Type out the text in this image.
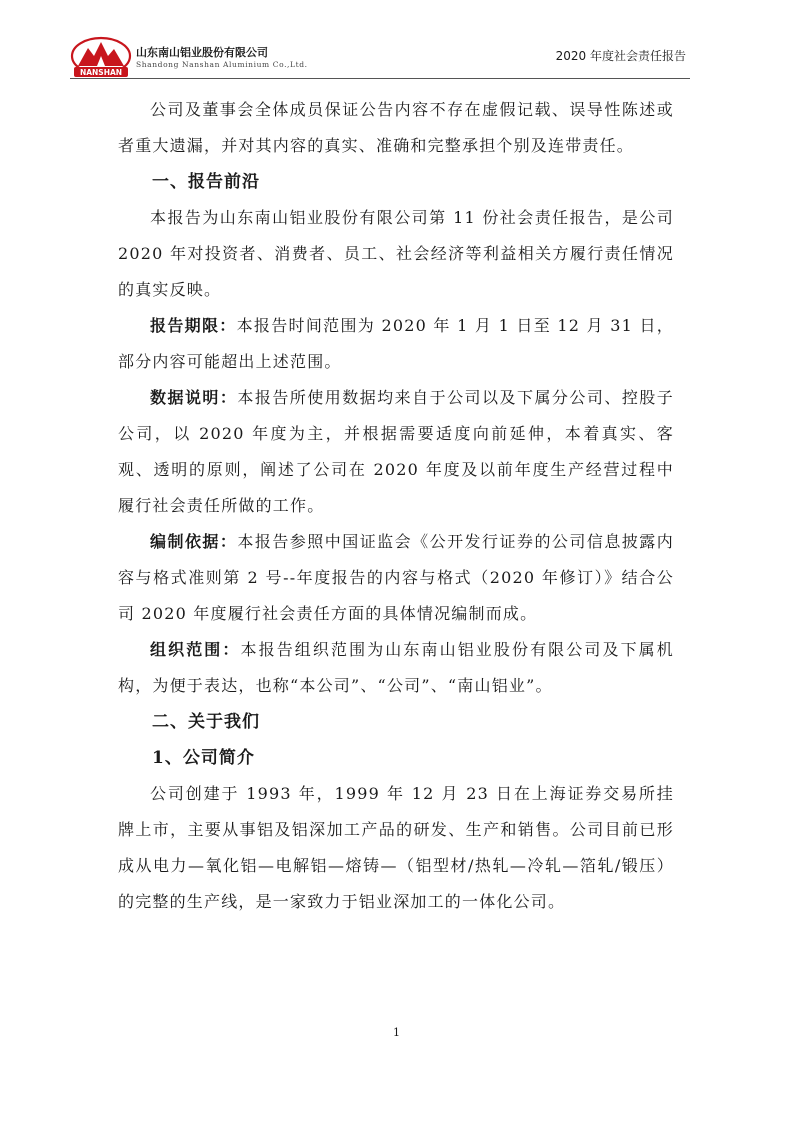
NANSHAN
山东南山铝业股份有限公司
Shandong Nanshan Aluminium Co.,Ltd.
2020 年度社会责任报告

公司及董事会全体成员保证公告内容不存在虚假记载、误导性陈述或者重大遗漏，并对其内容的真实、准确和完整承担个别及连带责任。

一、报告前沿

本报告为山东南山铝业股份有限公司第 11 份社会责任报告，是公司 2020 年对投资者、消费者、员工、社会经济等利益相关方履行责任情况的真实反映。

报告期限：本报告时间范围为 2020 年 1 月 1 日至 12 月 31 日，部分内容可能超出上述范围。

数据说明：本报告所使用数据均来自于公司以及下属分公司、控股子公司，以 2020 年度为主，并根据需要适度向前延伸，本着真实、客观、透明的原则，阐述了公司在 2020 年度及以前年度生产经营过程中履行社会责任所做的工作。

编制依据：本报告参照中国证监会《公开发行证券的公司信息披露内容与格式准则第 2 号--年度报告的内容与格式（2020 年修订）》结合公司 2020 年度履行社会责任方面的具体情况编制而成。

组织范围：本报告组织范围为山东南山铝业股份有限公司及下属机构，为便于表达，也称“本公司”、“公司”、“南山铝业”。

二、关于我们

1、公司简介

公司创建于 1993 年，1999 年 12 月 23 日在上海证券交易所挂牌上市，主要从事铝及铝深加工产品的研发、生产和销售。公司目前已形成从电力—氧化铝—电解铝—熔铸—（铝型材/热轧—冷轧—箔轧/锻压）的完整的生产线，是一家致力于铝业深加工的一体化公司。

1
